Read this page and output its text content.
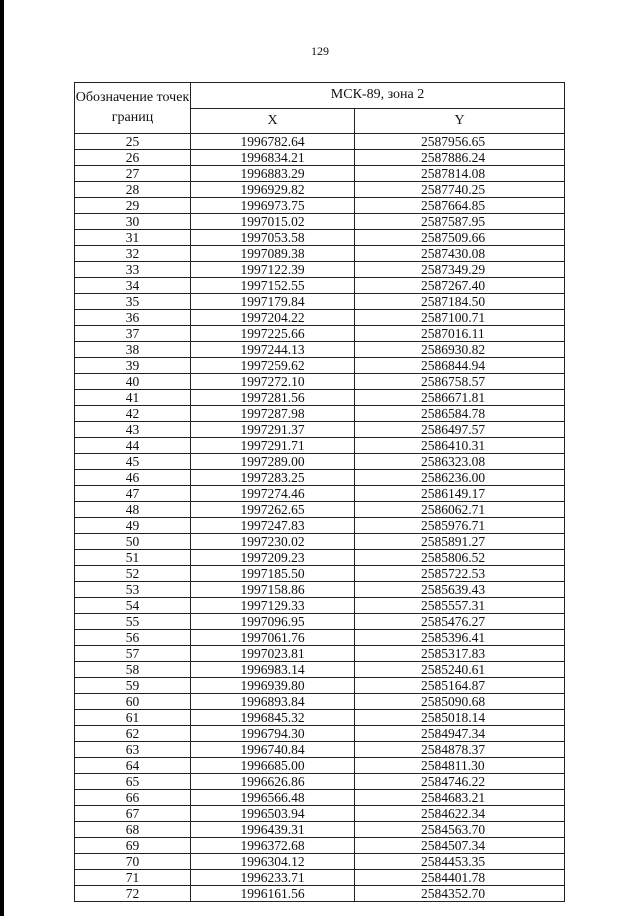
129
Обозначение точек границ	МСК-89, зона 2	
	X	Y
25	1996782.64	2587956.65
26	1996834.21	2587886.24
27	1996883.29	2587814.08
28	1996929.82	2587740.25
29	1996973.75	2587664.85
30	1997015.02	2587587.95
31	1997053.58	2587509.66
32	1997089.38	2587430.08
33	1997122.39	2587349.29
34	1997152.55	2587267.40
35	1997179.84	2587184.50
36	1997204.22	2587100.71
37	1997225.66	2587016.11
38	1997244.13	2586930.82
39	1997259.62	2586844.94
40	1997272.10	2586758.57
41	1997281.56	2586671.81
42	1997287.98	2586584.78
43	1997291.37	2586497.57
44	1997291.71	2586410.31
45	1997289.00	2586323.08
46	1997283.25	2586236.00
47	1997274.46	2586149.17
48	1997262.65	2586062.71
49	1997247.83	2585976.71
50	1997230.02	2585891.27
51	1997209.23	2585806.52
52	1997185.50	2585722.53
53	1997158.86	2585639.43
54	1997129.33	2585557.31
55	1997096.95	2585476.27
56	1997061.76	2585396.41
57	1997023.81	2585317.83
58	1996983.14	2585240.61
59	1996939.80	2585164.87
60	1996893.84	2585090.68
61	1996845.32	2585018.14
62	1996794.30	2584947.34
63	1996740.84	2584878.37
64	1996685.00	2584811.30
65	1996626.86	2584746.22
66	1996566.48	2584683.21
67	1996503.94	2584622.34
68	1996439.31	2584563.70
69	1996372.68	2584507.34
70	1996304.12	2584453.35
71	1996233.71	2584401.78
72	1996161.56	2584352.70
